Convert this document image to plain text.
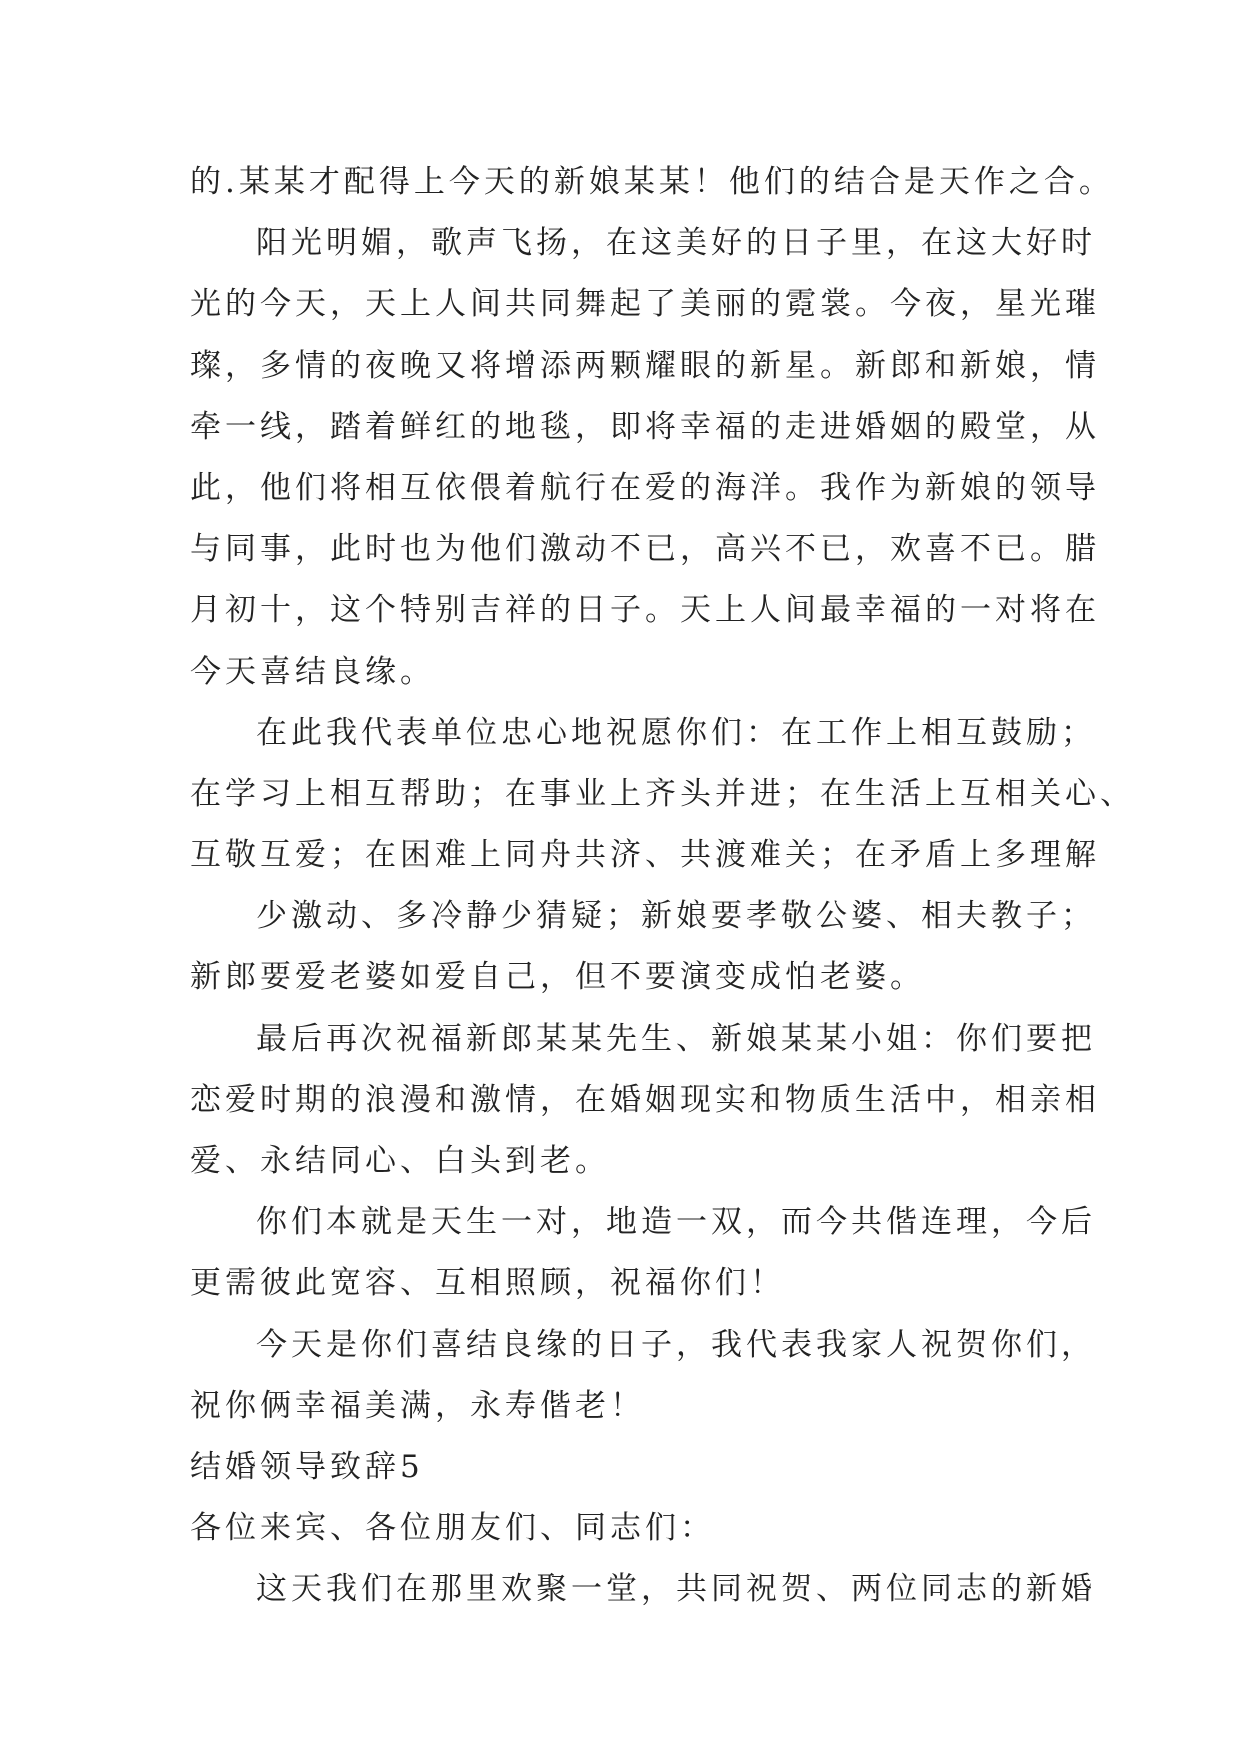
的.某某才配得上今天的新娘某某！他们的结合是天作之合。
阳光明媚，歌声飞扬，在这美好的日子里，在这大好时
光的今天，天上人间共同舞起了美丽的霓裳。今夜，星光璀
璨，多情的夜晚又将增添两颗耀眼的新星。新郎和新娘，情
牵一线，踏着鲜红的地毯，即将幸福的走进婚姻的殿堂，从
此，他们将相互依偎着航行在爱的海洋。我作为新娘的领导
与同事，此时也为他们激动不已，高兴不已，欢喜不已。腊
月初十，这个特别吉祥的日子。天上人间最幸福的一对将在
今天喜结良缘。
在此我代表单位忠心地祝愿你们：在工作上相互鼓励；
在学习上相互帮助；在事业上齐头并进；在生活上互相关心、
互敬互爱；在困难上同舟共济、共渡难关；在矛盾上多理解
少激动、多冷静少猜疑；新娘要孝敬公婆、相夫教子；
新郎要爱老婆如爱自己，但不要演变成怕老婆。
最后再次祝福新郎某某先生、新娘某某小姐：你们要把
恋爱时期的浪漫和激情，在婚姻现实和物质生活中，相亲相
爱、永结同心、白头到老。
你们本就是天生一对，地造一双，而今共偕连理，今后
更需彼此宽容、互相照顾，祝福你们！
今天是你们喜结良缘的日子，我代表我家人祝贺你们，
祝你俩幸福美满，永寿偕老！
结婚领导致辞5
各位来宾、各位朋友们、同志们：
这天我们在那里欢聚一堂，共同祝贺、两位同志的新婚
